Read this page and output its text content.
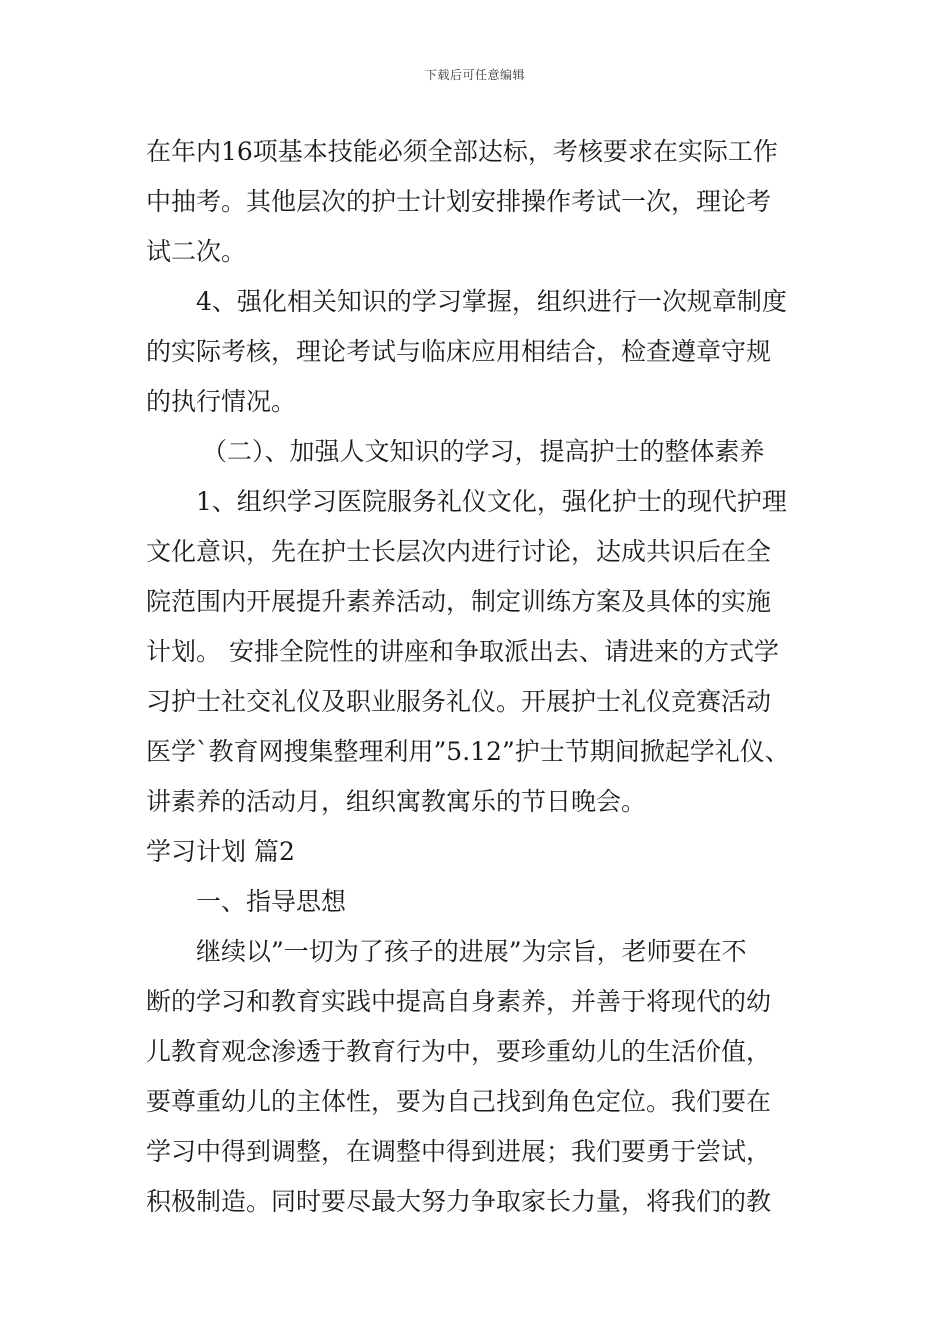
下载后可任意编辑
在年内16项基本技能必须全部达标，考核要求在实际工作
中抽考。其他层次的护士计划安排操作考试一次，理论考
试二次。
4、强化相关知识的学习掌握，组织进行一次规章制度
的实际考核，理论考试与临床应用相结合，检查遵章守规
的执行情况。
（二）、加强人文知识的学习，提高护士的整体素养
1、组织学习医院服务礼仪文化，强化护士的现代护理
文化意识，先在护士长层次内进行讨论，达成共识后在全
院范围内开展提升素养活动，制定训练方案及具体的实施
计划。 安排全院性的讲座和争取派出去、请进来的方式学
习护士社交礼仪及职业服务礼仪。开展护士礼仪竞赛活动
医学`教育网搜集整理利用”5.12”护士节期间掀起学礼仪、
讲素养的活动月，组织寓教寓乐的节日晚会。
学习计划 篇2
一、指导思想
继续以”一切为了孩子的进展”为宗旨，老师要在不
断的学习和教育实践中提高自身素养，并善于将现代的幼
儿教育观念渗透于教育行为中，要珍重幼儿的生活价值，
要尊重幼儿的主体性，要为自己找到角色定位。我们要在
学习中得到调整，在调整中得到进展；我们要勇于尝试，
积极制造。同时要尽最大努力争取家长力量，将我们的教
